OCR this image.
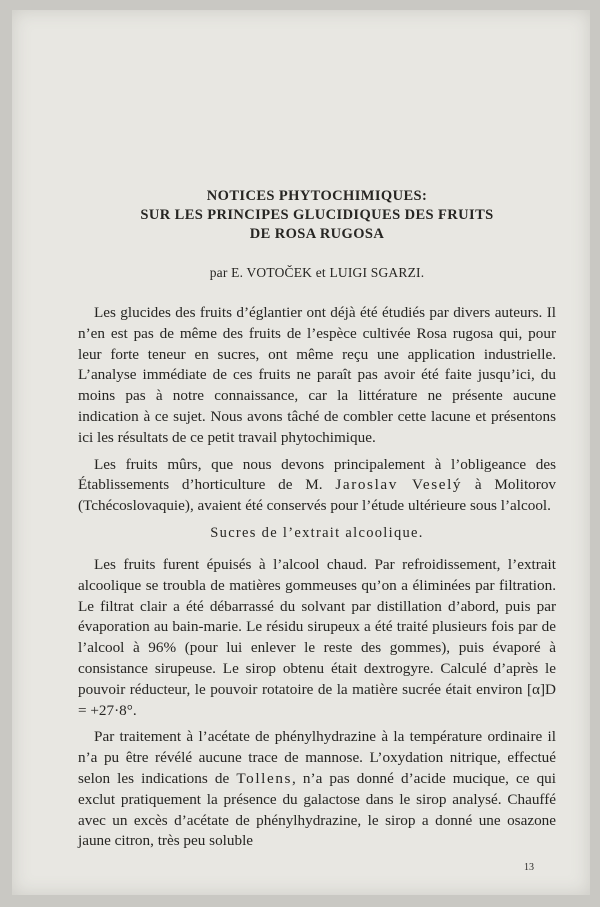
NOTICES PHYTOCHIMIQUES:
SUR LES PRINCIPES GLUCIDIQUES DES FRUITS
DE ROSA RUGOSA
par E. VOTOČEK et LUIGI SGARZI.

Les glucides des fruits d’églantier ont déjà été étudiés par divers auteurs. Il n’en est pas de même des fruits de l’espèce cultivée Rosa rugosa qui, pour leur forte teneur en sucres, ont même reçu une application industrielle. L’analyse immédiate de ces fruits ne paraît pas avoir été faite jusqu’ici, du moins pas à notre connaissance, car la littérature ne présente aucune indication à ce sujet. Nous avons tâché de combler cette lacune et présentons ici les résultats de ce petit travail phytochimique.

Les fruits mûrs, que nous devons principalement à l’obligeance des Établissements d’horticulture de M. Jaroslav Veselý à Molitorov (Tchécoslovaquie), avaient été conservés pour l’étude ultérieure sous l’alcool.

Sucres de l’extrait alcoolique.

Les fruits furent épuisés à l’alcool chaud. Par refroidissement, l’extrait alcoolique se troubla de matières gommeuses qu’on a éliminées par filtration. Le filtrat clair a été débarrassé du solvant par distillation d’abord, puis par évaporation au bain-marie. Le résidu sirupeux a été traité plusieurs fois par de l’alcool à 96% (pour lui enlever le reste des gommes), puis évaporé à consistance sirupeuse. Le sirop obtenu était dextrogyre. Calculé d’après le pouvoir réducteur, le pouvoir rotatoire de la matière sucrée était environ [α]D = +27·8°.

Par traitement à l’acétate de phénylhydrazine à la température ordinaire il n’a pu être révélé aucune trace de mannose. L’oxydation nitrique, effectué selon les indications de Tollens, n’a pas donné d’acide mucique, ce qui exclut pratiquement la présence du galactose dans le sirop analysé. Chauffé avec un excès d’acétate de phénylhydrazine, le sirop a donné une osazone jaune citron, très peu soluble

13
